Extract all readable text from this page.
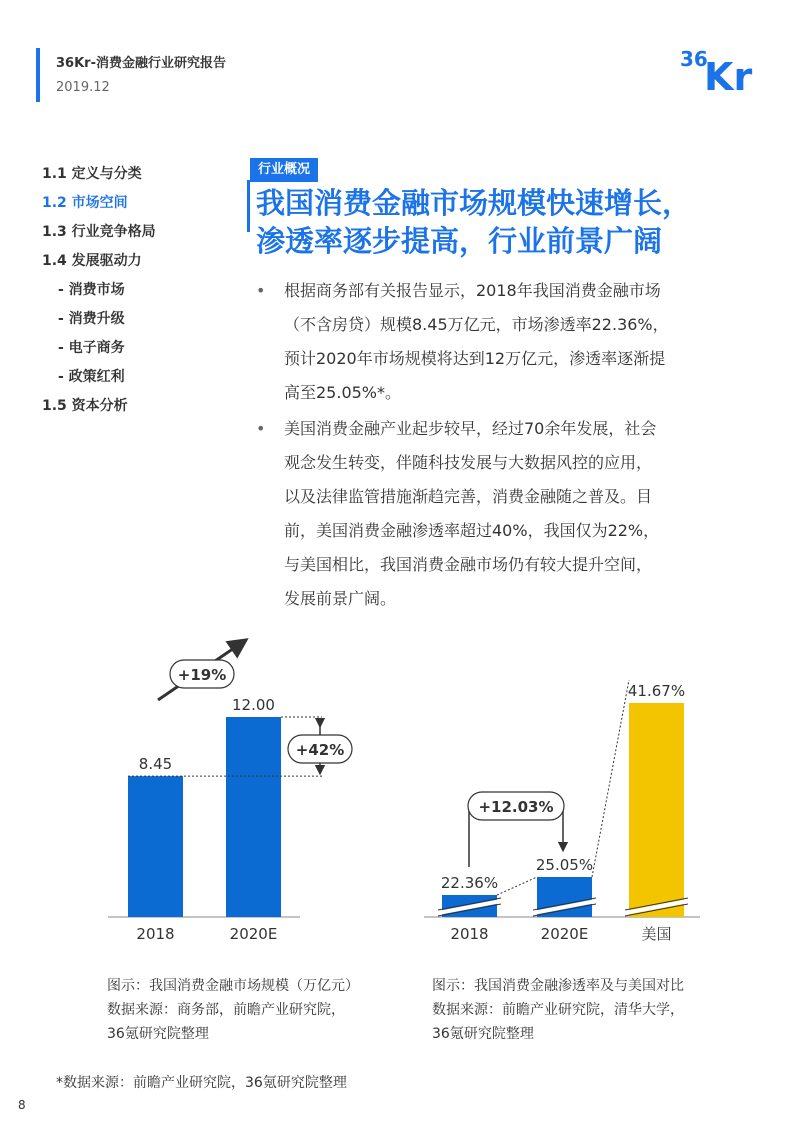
36Kr-消费金融行业研究报告
2019.12
36
Kr
1.1 定义与分类
1.2 市场空间
1.3 行业竞争格局
1.4 发展驱动力
- 消费市场
- 消费升级
- 电子商务
- 政策红利
1.5 资本分析
行业概况
我国消费金融市场规模快速增长，
渗透率逐步提高，行业前景广阔
• 根据商务部有关报告显示，2018年我国消费金融市场
（不含房贷）规模8.45万亿元，市场渗透率22.36%，
预计2020年市场规模将达到12万亿元，渗透率逐渐提
高至25.05%*。
• 美国消费金融产业起步较早，经过70余年发展，社会
观念发生转变，伴随科技发展与大数据风控的应用，
以及法律监管措施渐趋完善，消费金融随之普及。目
前，美国消费金融渗透率超过40%，我国仅为22%，
与美国相比，我国消费金融市场仍有较大提升空间，
发展前景广阔。
8.45
2018
12.00
2020E
+42%
+19%
22.36%
2018
25.05%
2020E
41.67%
美国
+12.03%
图示：我国消费金融市场规模（万亿元）
数据来源：商务部，前瞻产业研究院，
36氪研究院整理
图示：我国消费金融渗透率及与美国对比
数据来源：前瞻产业研究院，清华大学，
36氪研究院整理
*数据来源：前瞻产业研究院，36氪研究院整理
8
